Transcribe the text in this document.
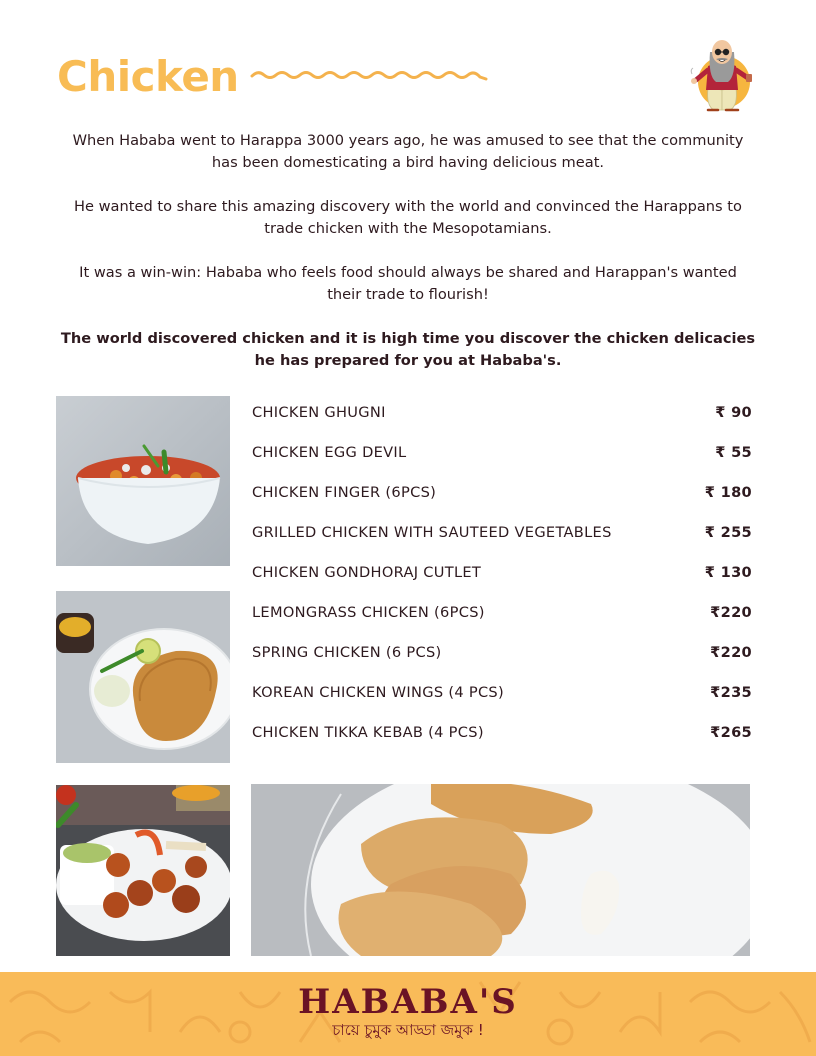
Chicken

When Hababa went to Harappa 3000 years ago, he was amused to see that the community has been domesticating a bird having delicious meat.

He wanted to share this amazing discovery with the world and convinced the Harappans to trade chicken with the Mesopotamians.

It was a win-win: Hababa who feels food should always be shared and Harappan's wanted their trade to flourish!

The world discovered chicken and it is high time you discover the chicken delicacies he has prepared for you at Hababa's.

CHICKEN GHUGNI	₹ 90
CHICKEN EGG DEVIL	₹ 55
CHICKEN FINGER (6PCS)	₹ 180
GRILLED CHICKEN WITH SAUTEED VEGETABLES	₹ 255
CHICKEN GONDHORAJ CUTLET	₹ 130
LEMONGRASS CHICKEN (6PCS)	₹220
SPRING CHICKEN (6 PCS)	₹220
KOREAN CHICKEN WINGS (4 PCS)	₹235
CHICKEN TIKKA KEBAB (4 PCS)	₹265
HABABA'S
চায়ে চুমুক আড্ডা জমুক !
